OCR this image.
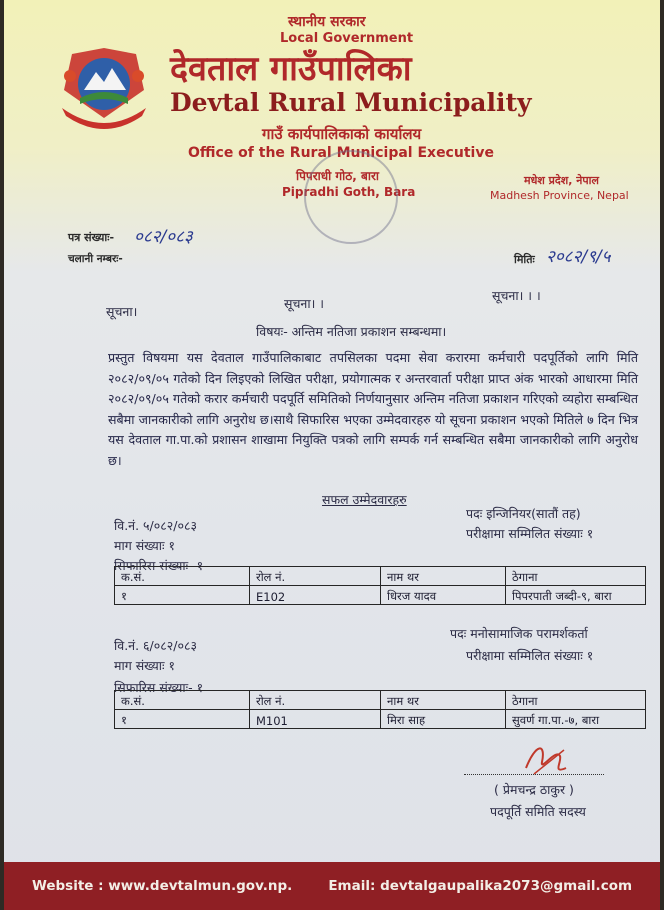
स्थानीय सरकार
Local Government
देवताल गाउँपालिका
Devtal Rural Municipality
गाउँ कार्यपालिकाको कार्यालय
Office of the Rural Municipal Executive
पिपराधी गोठ, बारा
Pipradhi Goth, Bara
मधेश प्रदेश, नेपाल
Madhesh Province, Nepal
पत्र संख्याः- ०८२/०८३
चलानी नम्बरः-	मितिः २०८२/९/५
सूचना।
सूचना। ।
सूचना। । ।
विषयः- अन्तिम नतिजा प्रकाशन सम्बन्धमा।
प्रस्तुत विषयमा यस देवताल गाउँपालिकाबाट तपसिलका पदमा सेवा करारमा कर्मचारी पदपूर्तिको लागि मिति २०८२/०९/०५ गतेको दिन लिइएको लिखित परीक्षा, प्रयोगात्मक र अन्तरवार्ता परीक्षा प्राप्त अंक भारको आधारमा मिति २०८२/०९/०५ गतेको करार कर्मचारी पदपूर्ति समितिको निर्णयानुसार अन्तिम नतिजा प्रकाशन गरिएको व्यहोरा सम्बन्धित सबैमा जानकारीको लागि अनुरोध छ।साथै सिफारिस भएका उम्मेदवारहरु यो सूचना प्रकाशन भएको मितिले ७ दिन भित्र यस देवताल गा.पा.को प्रशासन शाखामा नियुक्ति पत्रको लागि सम्पर्क गर्न सम्बन्धित सबैमा जानकारीको लागि अनुरोध छ।
सफल उम्मेदवारहरु
वि.नं. ५/०८२/०८३
पदः इन्जिनियर(सातौं तह)
माग संख्याः १
परीक्षामा सम्मिलित संख्याः १
सिफारिस संख्याः- १
क.सं.	रोल नं.	नाम थर	ठेगाना
१	E102	धिरज यादव	पिपरपाती जब्दी-९, बारा
वि.नं. ६/०८२/०८३
पदः मनोसामाजिक परामर्शकर्ता
माग संख्याः १
परीक्षामा सम्मिलित संख्याः १
सिफारिस संख्याः- १
क.सं.	रोल नं.	नाम थर	ठेगाना
१	M101	मिरा साह	सुवर्ण गा.पा.-७, बारा
( प्रेमचन्द्र ठाकुर )
पदपूर्ति समिति सदस्य
Website : www.devtalmun.gov.np.	Email: devtalgaupalika2073@gmail.com
